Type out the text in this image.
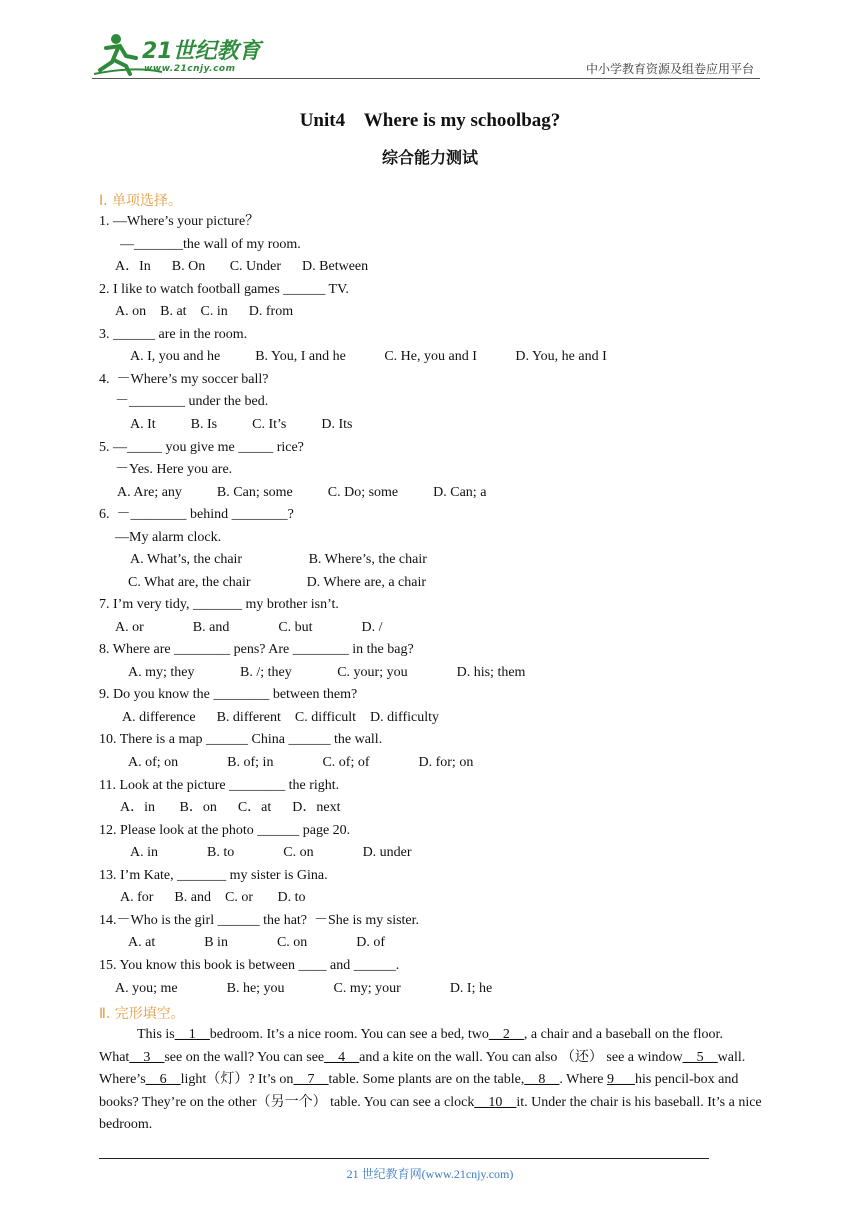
21世纪教育
www.21cnjy.com	中小学教育资源及组卷应用平台
Unit4    Where is my schoolbag?
综合能力测试
Ⅰ. 单项选择。
1. —Where’s your picture？
—_______the wall of my room.
A．In      B. On       C. Under      D. Between
2. I like to watch football games ______ TV.
A. on    B. at    C. in      D. from
3. ______ are in the room.
A. I, you and he          B. You, I and he           C. He, you and I           D. You, he and I
4.  －Where’s my soccer ball?
－________ under the bed.
A. It          B. Is          C. It’s          D. Its
5. —_____ you give me _____ rice?
－Yes. Here you are.
A. Are; any          B. Can; some          C. Do; some          D. Can; a
6.  －________ behind ________?
—My alarm clock.
A. What’s, the chair                   B. Where’s, the chair
C. What are, the chair                D. Where are, a chair
7. I’m very tidy, _______ my brother isn’t.
A. or              B. and              C. but              D. /
8. Where are ________ pens? Are ________ in the bag?
A. my; they             B. /; they             C. your; you              D. his; them
9. Do you know the ________ between them?
A. difference      B. different    C. difficult    D. difficulty
10. There is a map ______ China ______ the wall.
A. of; on              B. of; in              C. of; of              D. for; on
11. Look at the picture ________ the right.
A．in       B．on      C．at      D．next
12. Please look at the photo ______ page 20.
A. in              B. to              C. on              D. under
13. I’m Kate, _______ my sister is Gina.
A. for      B. and    C. or       D. to
14.－Who is the girl ______ the hat?  －She is my sister.
A. at              B in              C. on              D. of
15. You know this book is between ____ and ______.
A. you; me              B. he; you              C. my; your              D. I; he
Ⅱ. 完形填空。
This is__1__bedroom. It’s a nice room. You can see a bed, two__2__, a chair and a baseball on the floor. What__3__see on the wall? You can see__4__and a kite on the wall. You can also （还） see a window__5__wall. Where’s__6__light（灯）? It’s on__7__table. Some plants are on the table,__8__. Where 9___his pencil-box and books? They’re on the other（另一个） table. You can see a clock__10__it. Under the chair is his baseball. It’s a nice bedroom.
21 世纪教育网(www.21cnjy.com)
